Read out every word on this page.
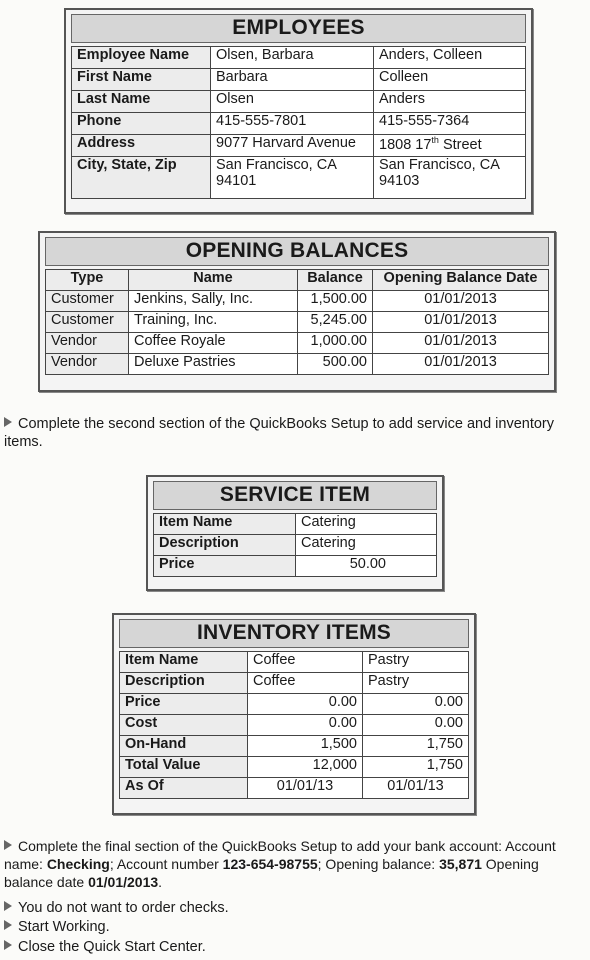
EMPLOYEES
Employee Name	Olsen, Barbara	Anders, Colleen
First Name	Barbara	Colleen
Last Name	Olsen	Anders
Phone	415-555-7801	415-555-7364
Address	9077 Harvard Avenue	1808 17th Street
City, State, Zip	San Francisco, CA 94101	San Francisco, CA 94103
OPENING BALANCES
Type	Name	Balance	Opening Balance Date
Customer	Jenkins, Sally, Inc.	1,500.00	01/01/2013
Customer	Training, Inc.	5,245.00	01/01/2013
Vendor	Coffee Royale	1,000.00	01/01/2013
Vendor	Deluxe Pastries	500.00	01/01/2013
Complete the second section of the QuickBooks Setup to add service and inventory items.
SERVICE ITEM
Item Name	Catering
Description	Catering
Price	50.00
INVENTORY ITEMS
Item Name	Coffee	Pastry
Description	Coffee	Pastry
Price	0.00	0.00
Cost	0.00	0.00
On-Hand	1,500	1,750
Total Value	12,000	1,750
As Of	01/01/13	01/01/13
Complete the final section of the QuickBooks Setup to add your bank account: Account name: Checking; Account number 123-654-98755; Opening balance: 35,871 Opening balance date 01/01/2013.
You do not want to order checks.
Start Working.
Close the Quick Start Center.
